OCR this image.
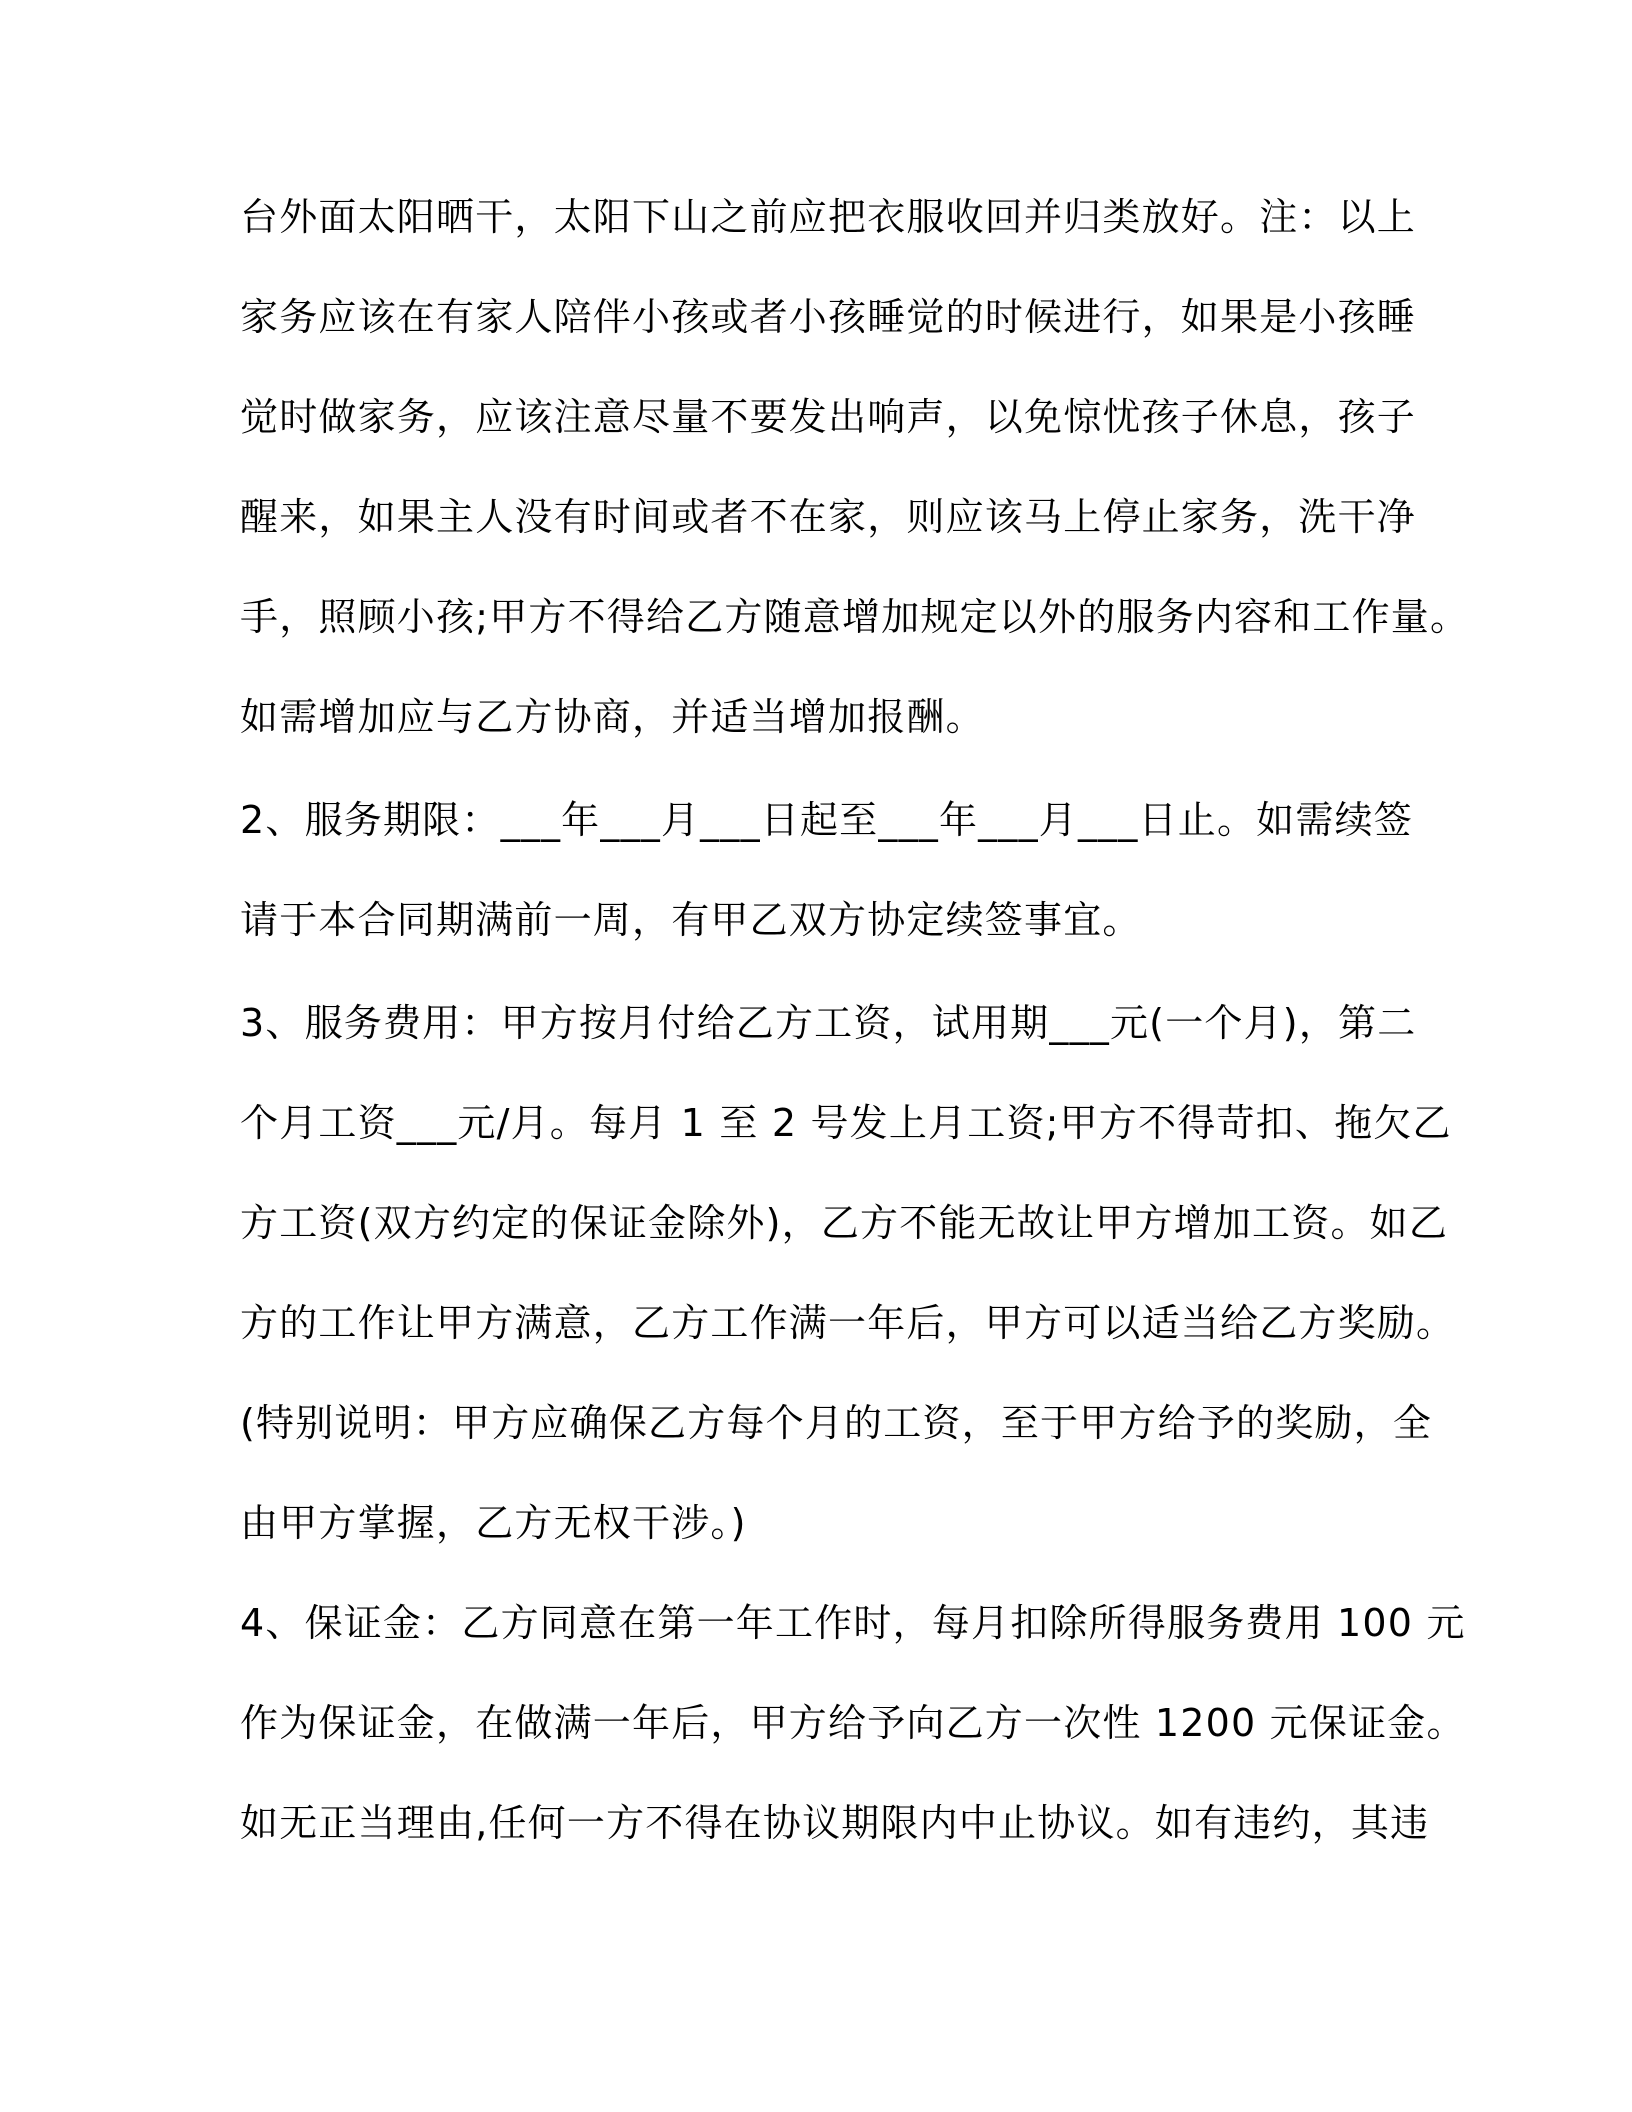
台外面太阳晒干，太阳下山之前应把衣服收回并归类放好。注：以上
家务应该在有家人陪伴小孩或者小孩睡觉的时候进行，如果是小孩睡
觉时做家务，应该注意尽量不要发出响声，以免惊忧孩子休息，孩子
醒来，如果主人没有时间或者不在家，则应该马上停止家务，洗干净
手，照顾小孩;甲方不得给乙方随意增加规定以外的服务内容和工作量。
如需增加应与乙方协商，并适当增加报酬。
2、服务期限：___年___月___日起至___年___月___日止。如需续签
请于本合同期满前一周，有甲乙双方协定续签事宜。
3、服务费用：甲方按月付给乙方工资，试用期___元(一个月)，第二
个月工资___元/月。每月 1 至 2 号发上月工资;甲方不得苛扣、拖欠乙
方工资(双方约定的保证金除外)，乙方不能无故让甲方增加工资。如乙
方的工作让甲方满意，乙方工作满一年后，甲方可以适当给乙方奖励。
(特别说明：甲方应确保乙方每个月的工资，至于甲方给予的奖励，全
由甲方掌握，乙方无权干涉。)
4、保证金：乙方同意在第一年工作时，每月扣除所得服务费用 100 元
作为保证金，在做满一年后，甲方给予向乙方一次性 1200 元保证金。
如无正当理由,任何一方不得在协议期限内中止协议。如有违约，其违
